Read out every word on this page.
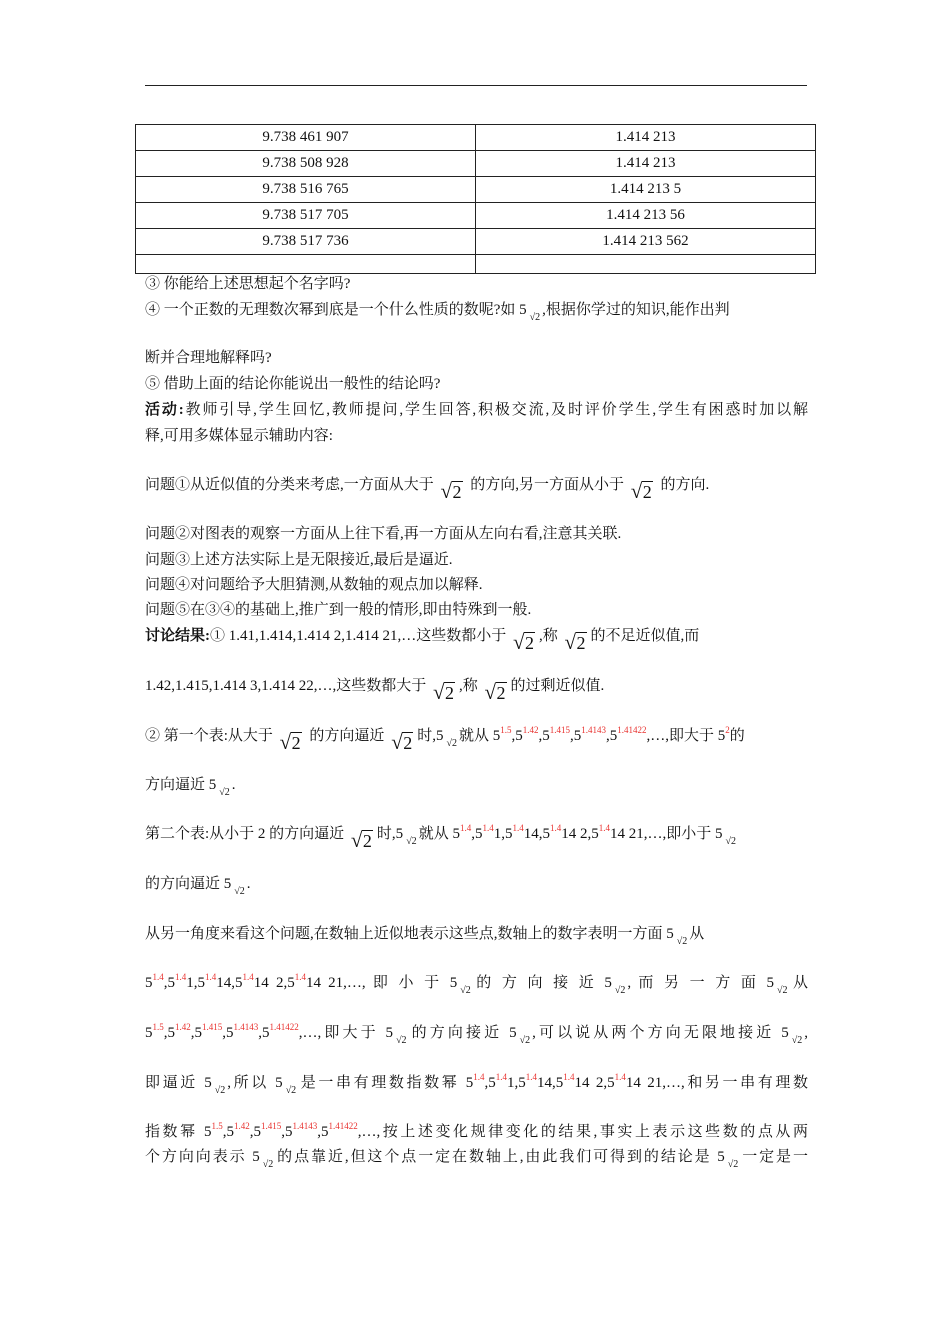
9.738 461 907	1.414 213
9.738 508 928	1.414 213
9.738 516 765	1.414 213 5
9.738 517 705	1.414 213 56
9.738 517 736	1.414 213 562

③ 你能给上述思想起个名字吗?
④ 一个正数的无理数次幂到底是一个什么性质的数呢?如 5 $_{√2}$ ,根据你学过的知识,能作出判
断并合理地解释吗?
⑤ 借助上面的结论你能说出一般性的结论吗?
活动:教师引导,学生回忆,教师提问,学生回答,积极交流,及时评价学生,学生有困惑时加以解
释,可用多媒体显示辅助内容:
问题①从近似值的分类来考虑,一方面从大于 √ 2 的方向,另一方面从小于 √ 2 的方向.
问题②对图表的观察一方面从上往下看,再一方面从左向右看,注意其关联.
问题③上述方法实际上是无限接近,最后是逼近.
问题④对问题给予大胆猜测,从数轴的观点加以解释.
问题⑤在③④的基础上,推广到一般的情形,即由特殊到一般.
讨论结果:① 1.41,1.414,1.414 2,1.414 21,…这些数都小于 √ 2 ,称 √ 2 的不足近似值,而
1.42,1.415,1.414 3,1.414 22,…,这些数都大于 √ 2 ,称 √ 2 的过剩近似值.
② 第一个表:从大于 √ 2 的方向逼近 √ 2 时,5 $_{√2}$ 就从 $5^{1.5},5^{1.42},5^{1.415},5^{1.4143},5^{1.41422},\dots$,即大于 $5^2$的
方向逼近 5 $_{√2}$ .
第二个表:从小于 2 的方向逼近 √ 2 时,5 $_{√2}$ 就从 $5^{1.4},5^{1.4}1,5^{1.4}14,5^{1.4}14$ $2,5^{1.4}14$ 21,…,即小于 5 $_{√2}$
的方向逼近 5 $_{√2}$ .
从另一角度来看这个问题,在数轴上近似地表示这些点,数轴上的数字表明一方面 5 $_{√2}$ 从
$5^{1.4},5^{1.4}1,5^{1.4}14,5^{1.4}14$ $2,5^{1.4}14$ 21,…, 即 小 于 5 $_{√2}$ 的 方 向 接 近 5 $_{√2}$ , 而 另 一 方 面 5 $_{√2}$ 从
$5^{1.5},5^{1.42},5^{1.415},5^{1.4143},5^{1.41422},\dots$,即大于 5 $_{√2}$ 的方向接近 5 $_{√2}$ ,可以说从两个方向无限地接近 5 $_{√2}$ ,
即逼近 5 $_{√2}$ ,所以 5 $_{√2}$ 是一串有理数指数幂 $5^{1.4},5^{1.4}1,5^{1.4}14,5^{1.4}14$ $2,5^{1.4}14$ 21,…,和另一串有理数
指数幂 $5^{1.5},5^{1.42},5^{1.415},5^{1.4143},5^{1.41422},\dots$,按上述变化规律变化的结果,事实上表示这些数的点从两
个方向向表示 5 $_{√2}$ 的点靠近,但这个点一定在数轴上,由此我们可得到的结论是 5 $_{√2}$ 一定是一
